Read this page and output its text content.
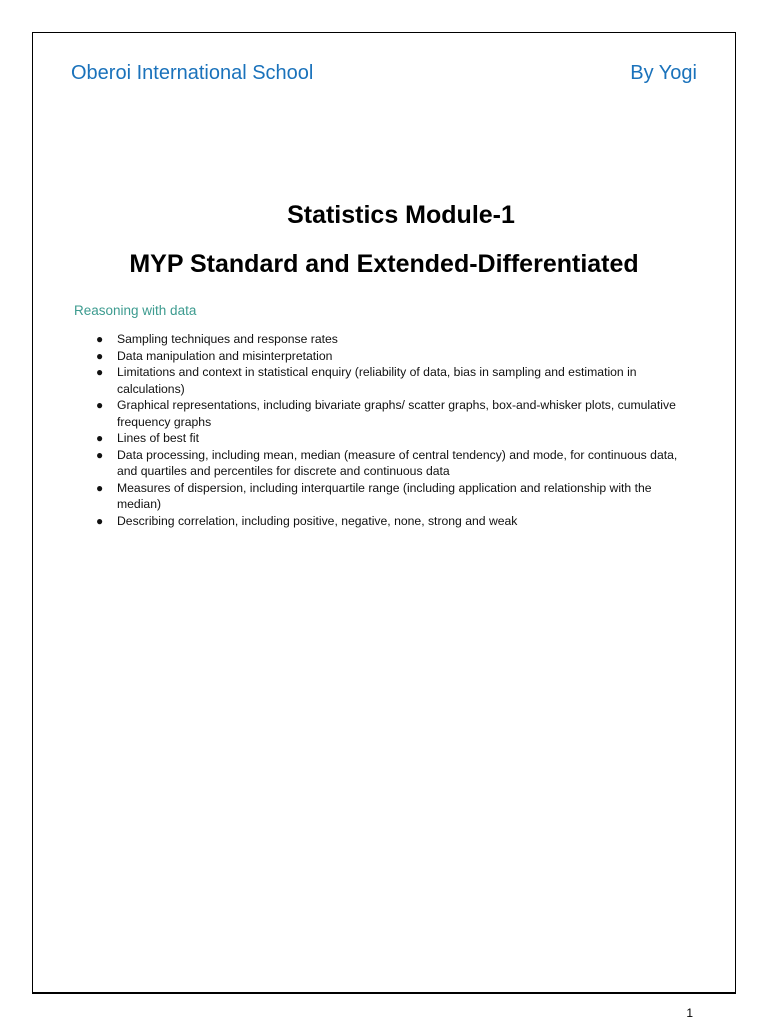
Oberoi International School	By Yogi
Statistics Module-1
MYP Standard and Extended-Differentiated
Reasoning with data
●	Sampling techniques and response rates
●	Data manipulation and misinterpretation
●	Limitations and context in statistical enquiry (reliability of data, bias in sampling and estimation in calculations)
●	Graphical representations, including bivariate graphs/ scatter graphs, box-and-whisker plots, cumulative frequency graphs
●	Lines of best fit
●	Data processing, including mean, median (measure of central tendency) and mode, for continuous data, and quartiles and percentiles for discrete and continuous data
●	Measures of dispersion, including interquartile range (including application and relationship with the median)
●	Describing correlation, including positive, negative, none, strong and weak
1
